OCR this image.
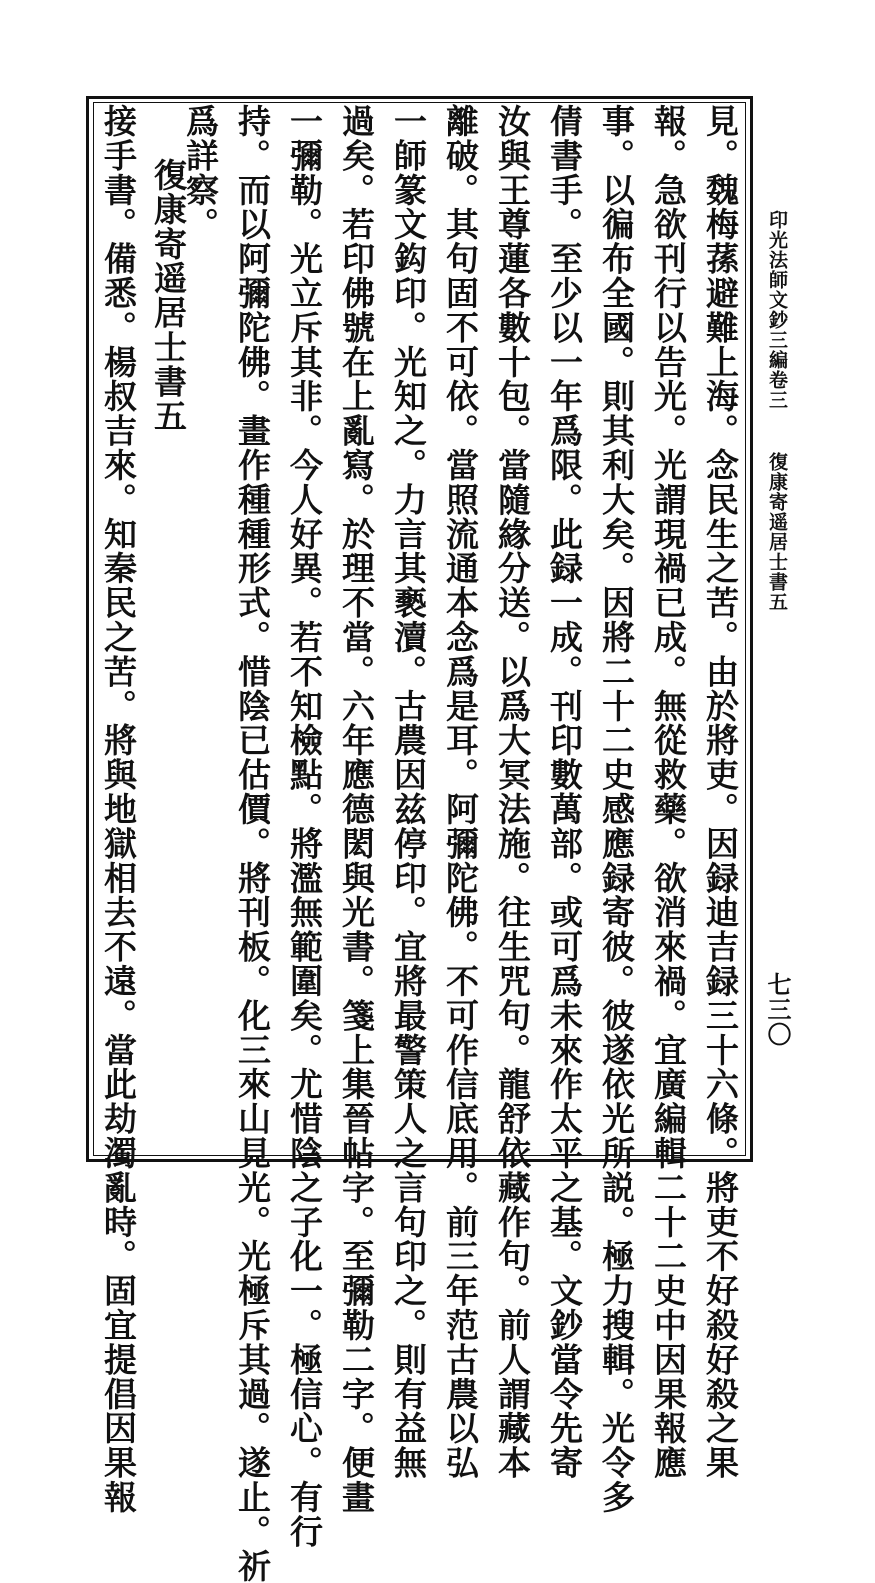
印光法師文鈔三編卷三
復康寄遥居士書五
七三〇
見。魏梅蓀避難上海。念民生之苦。由於將吏。因録迪吉録三十六條。將吏不好殺好殺之果
報。急欲刊行以告光。光謂現禍已成。無從救藥。欲消來禍。宜廣編輯二十二史中因果報應
事。以徧布全國。則其利大矣。因將二十二史感應録寄彼。彼遂依光所説。極力搜輯。光令多
倩書手。至少以一年爲限。此録一成。刊印數萬部。或可爲未來作太平之基。文鈔當令先寄
汝與王尊蓮各數十包。當隨緣分送。以爲大冥法施。往生咒句。龍舒依藏作句。前人謂藏本
離破。其句固不可依。當照流通本念爲是耳。阿彌陀佛。不可作信底用。前三年范古農以弘
一師篆文鈎印。光知之。力言其褻瀆。古農因兹停印。宜將最警策人之言句印之。則有益無
過矣。若印佛號在上亂寫。於理不當。六年應德閎與光書。箋上集晉帖字。至彌勒二字。便畫
一彌勒。光立斥其非。今人好異。若不知檢點。將濫無範圍矣。尤惜陰之子化一。極信心。有行
持。而以阿彌陀佛。畫作種種形式。惜陰已估價。將刊板。化三來山見光。光極斥其過。遂止。祈
爲詳察。
復康寄遥居士書五
接手書。備悉。楊叔吉來。知秦民之苦。將與地獄相去不遠。當此劫濁亂時。固宜提倡因果報
